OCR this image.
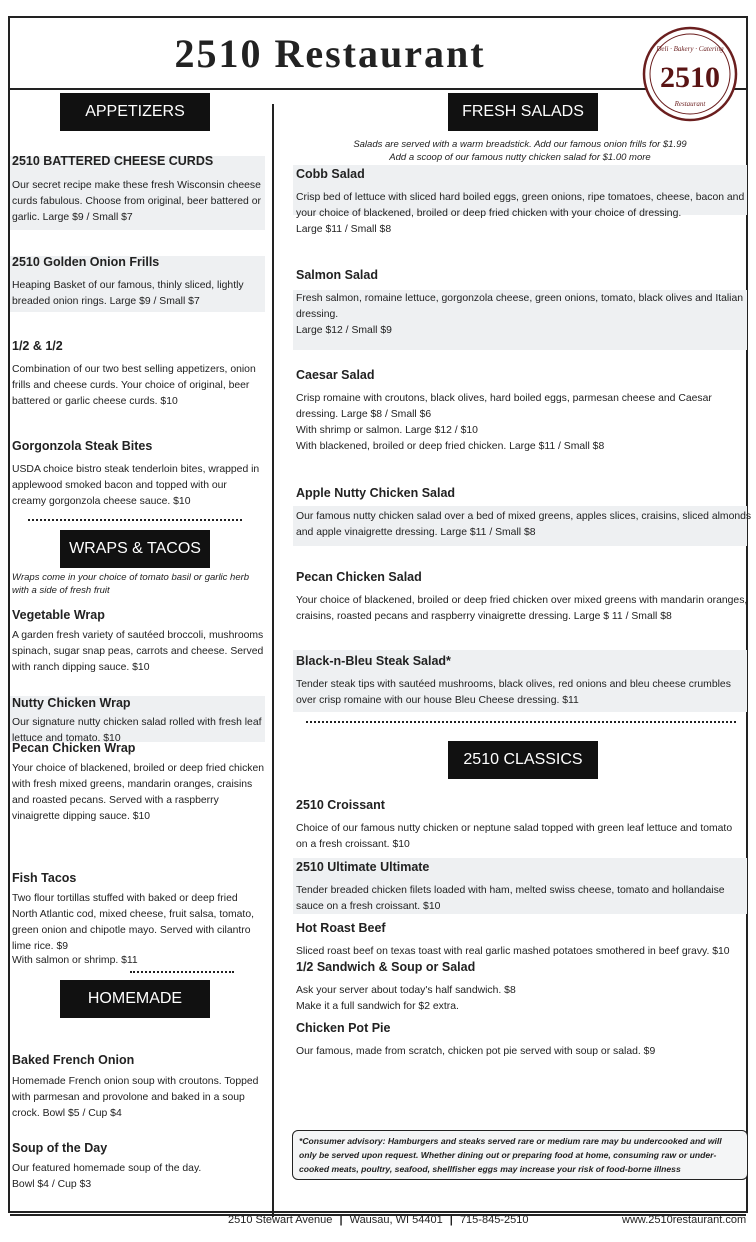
2510 Restaurant	Deli · Bakery · Catering
2510
Restaurant
APPETIZERS
2510 BATTERED CHEESE CURDS
Our secret recipe make these fresh Wisconsin cheese
curds fabulous. Choose from original, beer battered or
garlic. Large $9 / Small $7
2510 Golden Onion Frills
Heaping Basket of our famous, thinly sliced, lightly
breaded onion rings. Large $9 / Small $7
1/2 & 1/2
Combination of our two best selling appetizers, onion
frills and cheese curds. Your choice of original, beer
battered or garlic cheese curds. $10
Gorgonzola Steak Bites
USDA choice bistro steak tenderloin bites, wrapped in
applewood smoked bacon and topped with our
creamy gorgonzola cheese sauce. $10
WRAPS & TACOS
Wraps come in your choice of tomato basil or garlic herb
with a side of fresh fruit
Vegetable Wrap
A garden fresh variety of sautéed broccoli, mushrooms
spinach, sugar snap peas, carrots and cheese. Served
with ranch dipping sauce. $10
Nutty Chicken Wrap
Our signature nutty chicken salad rolled with fresh leaf
lettuce and tomato. $10
Pecan Chicken Wrap
Your choice of blackened, broiled or deep fried chicken
with fresh mixed greens, mandarin oranges, craisins
and roasted pecans. Served with a raspberry
vinaigrette dipping sauce. $10
Fish Tacos
Two flour tortillas stuffed with baked or deep fried
North Atlantic cod, mixed cheese, fruit salsa, tomato,
green onion and chipotle mayo. Served with cilantro
lime rice. $9
With salmon or shrimp. $11
HOMEMADE SOUPS
Baked French Onion
Homemade French onion soup with croutons. Topped
with parmesan and provolone and baked in a soup
crock. Bowl $5 / Cup $4
Soup of the Day
Our featured homemade soup of the day.
Bowl $4 / Cup $3
FRESH SALADS
Salads are served with a warm breadstick. Add our famous onion frills for $1.99
Add a scoop of our famous nutty chicken salad for $1.00 more
Cobb Salad
Crisp bed of lettuce with sliced hard boiled eggs, green onions, ripe tomatoes, cheese, bacon and
your choice of blackened, broiled or deep fried chicken with your choice of dressing.
Large $11 / Small $8
Salmon Salad
Fresh salmon, romaine lettuce, gorgonzola cheese, green onions, tomato, black olives and Italian
dressing.
Large $12 / Small $9
Caesar Salad
Crisp romaine with croutons, black olives, hard boiled eggs, parmesan cheese and Caesar
dressing. Large $8 / Small $6
With shrimp or salmon. Large $12 / $10
With blackened, broiled or deep fried chicken. Large $11 / Small $8
Apple Nutty Chicken Salad
Our famous nutty chicken salad over a bed of mixed greens, apples slices, craisins, sliced almonds
and apple vinaigrette dressing. Large $11 / Small $8
Pecan Chicken Salad
Your choice of blackened, broiled or deep fried chicken over mixed greens with mandarin oranges,
craisins, roasted pecans and raspberry vinaigrette dressing. Large $ 11 / Small $8
Black-n-Bleu Steak Salad*
Tender steak tips with sautéed mushrooms, black olives, red onions and bleu cheese crumbles
over crisp romaine with our house Bleu Cheese dressing. $11
2510 CLASSICS
2510 Croissant
Choice of our famous nutty chicken or neptune salad topped with green leaf lettuce and tomato
on a fresh croissant. $10
2510 Ultimate Ultimate
Tender breaded chicken filets loaded with ham, melted swiss cheese, tomato and hollandaise
sauce on a fresh croissant. $10
Hot Roast Beef
Sliced roast beef on texas toast with real garlic mashed potatoes smothered in beef gravy. $10
1/2 Sandwich & Soup or Salad
Ask your server about today's half sandwich. $8
Make it a full sandwich for $2 extra.
Chicken Pot Pie
Our famous, made from scratch, chicken pot pie served with soup or salad. $9
*Consumer advisory: Hamburgers and steaks served rare or medium rare may bu undercooked and will
only be served upon request. Whether dining out or preparing food at home, consuming raw or under-
cooked meats, poultry, seafood, shellfisher eggs may increase your risk of food-borne illness
2510 Stewart Avenue | Wausau, WI 54401 | 715-845-2510	www.2510restaurant.com
